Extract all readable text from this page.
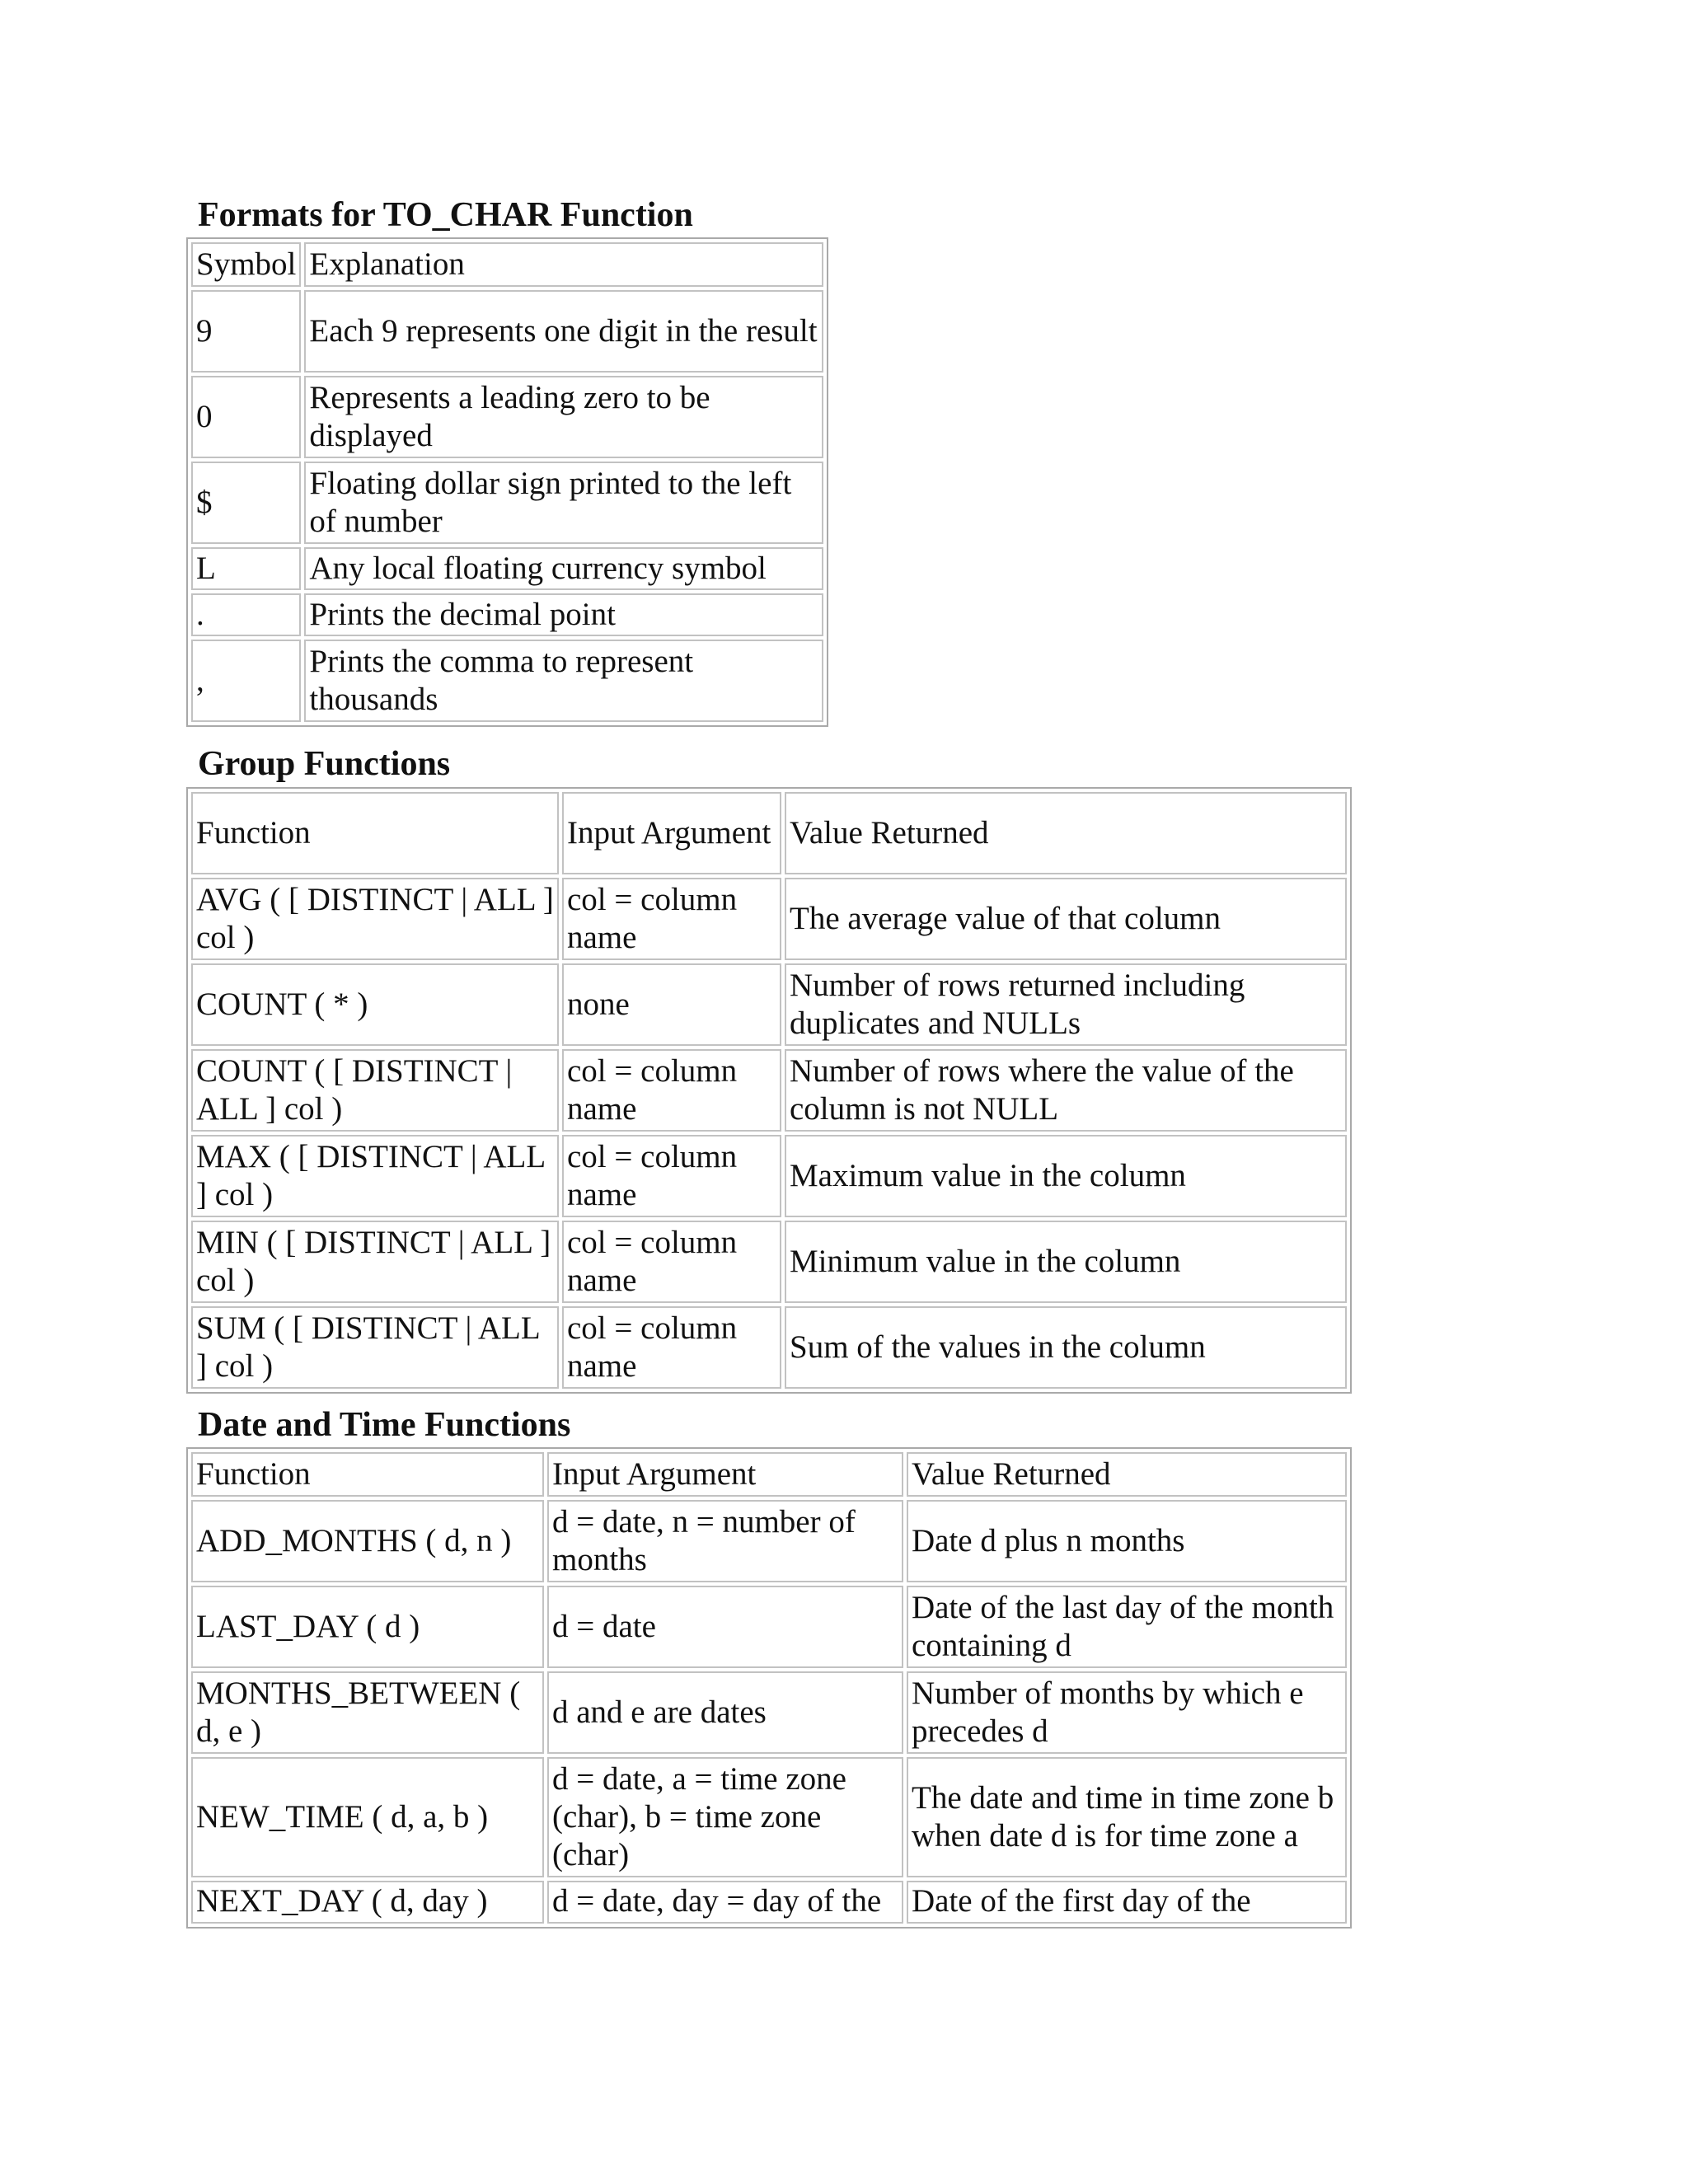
Formats for TO_CHAR Function
Symbol	Explanation
9	Each 9 represents one digit in the result
0	Represents a leading zero to be displayed
$	Floating dollar sign printed to the left of number
L	Any local floating currency symbol
.	Prints the decimal point
,	Prints the comma to represent thousands
Group Functions
Function	Input Argument	Value Returned
AVG ( [ DISTINCT | ALL ] col )	col = column name	The average value of that column
COUNT ( * )	none	Number of rows returned including duplicates and NULLs
COUNT ( [ DISTINCT | ALL ] col )	col = column name	Number of rows where the value of the column is not NULL
MAX ( [ DISTINCT | ALL ] col )	col = column name	Maximum value in the column
MIN ( [ DISTINCT | ALL ] col )	col = column name	Minimum value in the column
SUM ( [ DISTINCT | ALL ] col )	col = column name	Sum of the values in the column
Date and Time Functions
Function	Input Argument	Value Returned
ADD_MONTHS ( d, n )	d = date, n = number of months	Date d plus n months
LAST_DAY ( d )	d = date	Date of the last day of the month containing d
MONTHS_BETWEEN ( d, e )	d and e are dates	Number of months by which e precedes d
NEW_TIME ( d, a, b )	d = date, a = time zone (char), b = time zone (char)	The date and time in time zone b when date d is for time zone a
NEXT_DAY ( d, day )	d = date, day = day of the	Date of the first day of the
